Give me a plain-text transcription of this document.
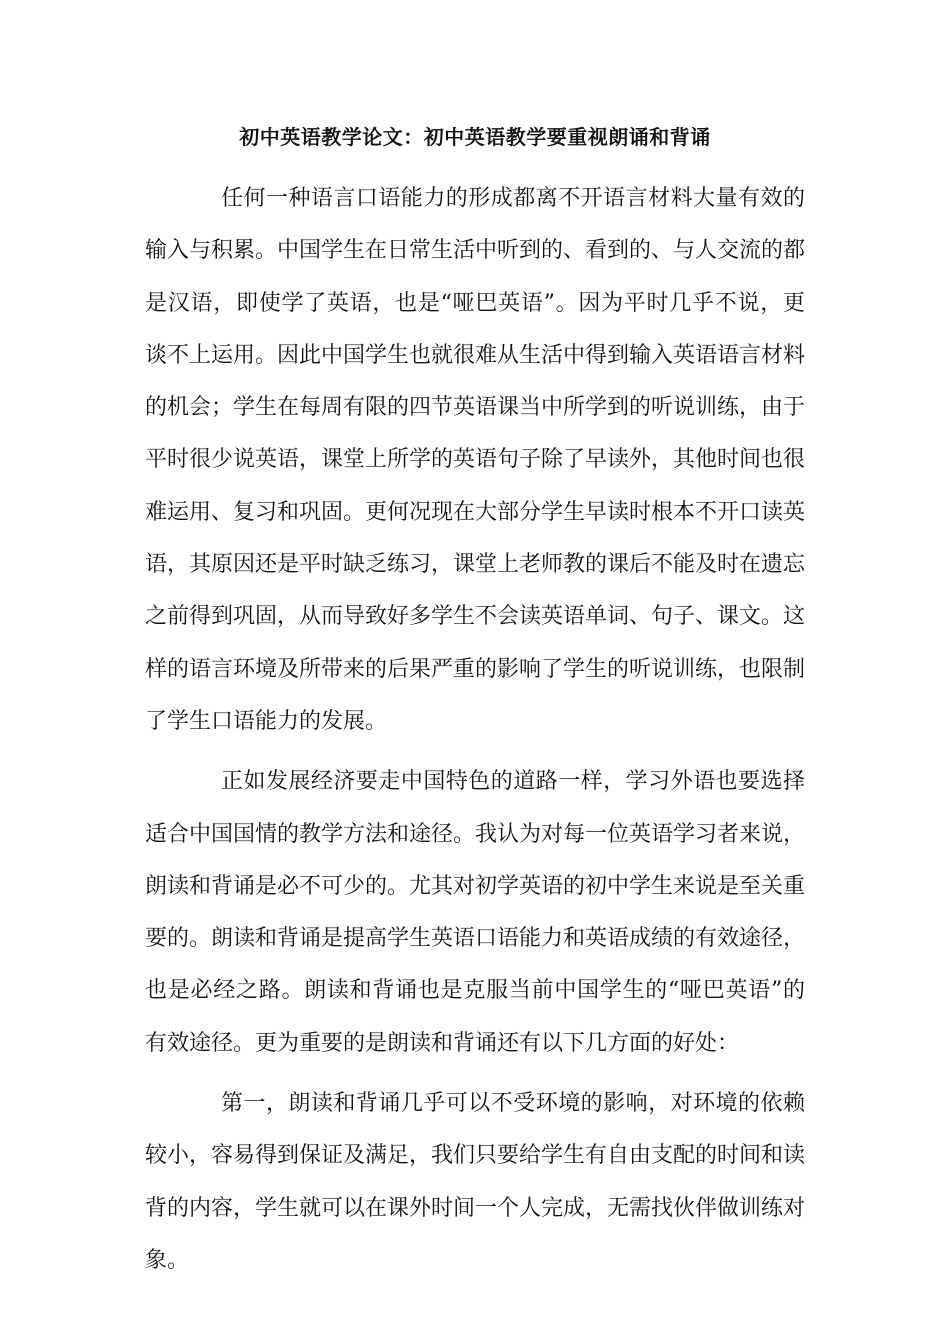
初中英语教学论文：初中英语教学要重视朗诵和背诵

任何一种语言口语能力的形成都离不开语言材料大量有效的输入与积累。中国学生在日常生活中听到的、看到的、与人交流的都是汉语，即使学了英语，也是“哑巴英语”。因为平时几乎不说，更谈不上运用。因此中国学生也就很难从生活中得到输入英语语言材料的机会；学生在每周有限的四节英语课当中所学到的听说训练，由于平时很少说英语，课堂上所学的英语句子除了早读外，其他时间也很难运用、复习和巩固。更何况现在大部分学生早读时根本不开口读英语，其原因还是平时缺乏练习，课堂上老师教的课后不能及时在遗忘之前得到巩固，从而导致好多学生不会读英语单词、句子、课文。这样的语言环境及所带来的后果严重的影响了学生的听说训练，也限制了学生口语能力的发展。

正如发展经济要走中国特色的道路一样，学习外语也要选择适合中国国情的教学方法和途径。我认为对每一位英语学习者来说，朗读和背诵是必不可少的。尤其对初学英语的初中学生来说是至关重要的。朗读和背诵是提高学生英语口语能力和英语成绩的有效途径，也是必经之路。朗读和背诵也是克服当前中国学生的“哑巴英语”的有效途径。更为重要的是朗读和背诵还有以下几方面的好处：

第一，朗读和背诵几乎可以不受环境的影响，对环境的依赖较小，容易得到保证及满足，我们只要给学生有自由支配的时间和读背的内容，学生就可以在课外时间一个人完成，无需找伙伴做训练对象。
